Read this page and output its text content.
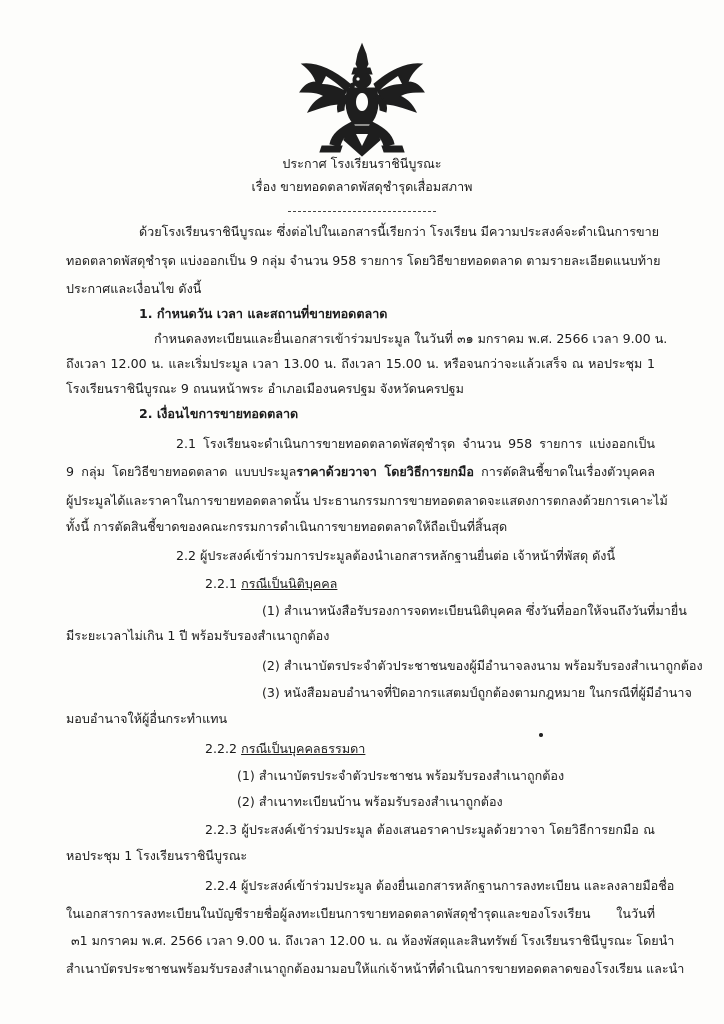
ประกาศ โรงเรียนราชินีบูรณะ
เรื่อง ขายทอดตลาดพัสดุชำรุดเสื่อมสภาพ
ด้วยโรงเรียนราชินีบูรณะ ซึ่งต่อไปในเอกสารนี้เรียกว่า โรงเรียน มีความประสงค์จะดำเนินการขาย
ทอดตลาดพัสดุชำรุด แบ่งออกเป็น 9 กลุ่ม จำนวน 958 รายการ โดยวิธีขายทอดตลาด ตามรายละเอียดแนบท้าย
ประกาศและเงื่อนไข ดังนี้
1. กำหนดวัน เวลา และสถานที่ขายทอดตลาด
กำหนดลงทะเบียนและยื่นเอกสารเข้าร่วมประมูล ในวันที่ ๓๑ มกราคม พ.ศ. 2566 เวลา 9.00 น.
ถึงเวลา 12.00 น. และเริ่มประมูล เวลา 13.00 น. ถึงเวลา 15.00 น. หรือจนกว่าจะแล้วเสร็จ ณ หอประชุม 1
โรงเรียนราชินีบูรณะ 9 ถนนหน้าพระ อำเภอเมืองนครปฐม จังหวัดนครปฐม
2. เงื่อนไขการขายทอดตลาด
2.1 โรงเรียนจะดำเนินการขายทอดตลาดพัสดุชำรุด จำนวน 958 รายการ แบ่งออกเป็น
9 กลุ่ม โดยวิธีขายทอดตลาด แบบประมูลราคาด้วยวาจา โดยวิธีการยกมือ การตัดสินชี้ขาดในเรื่องตัวบุคคล
ผู้ประมูลได้และราคาในการขายทอดตลาดนั้น ประธานกรรมการขายทอดตลาดจะแสดงการตกลงด้วยการเคาะไม้
ทั้งนี้ การตัดสินชี้ขาดของคณะกรรมการดำเนินการขายทอดตลาดให้ถือเป็นที่สิ้นสุด
2.2 ผู้ประสงค์เข้าร่วมการประมูลต้องนำเอกสารหลักฐานยื่นต่อ เจ้าหน้าที่พัสดุ ดังนี้
2.2.1 กรณีเป็นนิติบุคคล
(1) สำเนาหนังสือรับรองการจดทะเบียนนิติบุคคล ซึ่งวันที่ออกให้จนถึงวันที่มายื่น
มีระยะเวลาไม่เกิน 1 ปี พร้อมรับรองสำเนาถูกต้อง
(2) สำเนาบัตรประจำตัวประชาชนของผู้มีอำนาจลงนาม พร้อมรับรองสำเนาถูกต้อง
(3) หนังสือมอบอำนาจที่ปิดอากรแสตมป์ถูกต้องตามกฎหมาย ในกรณีที่ผู้มีอำนาจ
มอบอำนาจให้ผู้อื่นกระทำแทน
2.2.2 กรณีเป็นบุคคลธรรมดา
(1) สำเนาบัตรประจำตัวประชาชน พร้อมรับรองสำเนาถูกต้อง
(2) สำเนาทะเบียนบ้าน พร้อมรับรองสำเนาถูกต้อง
2.2.3 ผู้ประสงค์เข้าร่วมประมูล ต้องเสนอราคาประมูลด้วยวาจา โดยวิธีการยกมือ ณ
หอประชุม 1 โรงเรียนราชินีบูรณะ
2.2.4 ผู้ประสงค์เข้าร่วมประมูล ต้องยื่นเอกสารหลักฐานการลงทะเบียน และลงลายมือชื่อ
ในเอกสารการลงทะเบียนในบัญชีรายชื่อผู้ลงทะเบียนการขายทอดตลาดพัสดุชำรุดและของโรงเรียน ในวันที่
๓1 มกราคม พ.ศ. 2566 เวลา 9.00 น. ถึงเวลา 12.00 น. ณ ห้องพัสดุและสินทรัพย์ โรงเรียนราชินีบูรณะ โดยนำ
สำเนาบัตรประชาชนพร้อมรับรองสำเนาถูกต้องมามอบให้แก่เจ้าหน้าที่ดำเนินการขายทอดตลาดของโรงเรียน และนำ
